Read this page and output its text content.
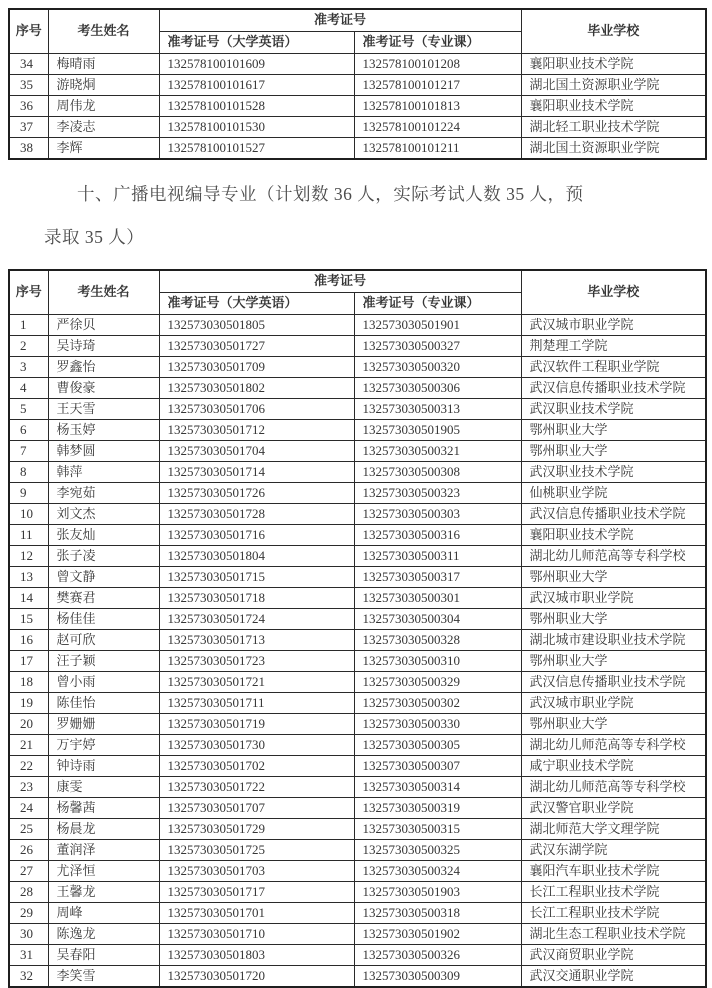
序号	考生姓名	准考证号		毕业学校
		准考证号（大学英语）	准考证号（专业课）	
34	梅晴雨	132578100101609	132578100101208	襄阳职业技术学院
35	游晓烔	132578100101617	132578100101217	湖北国土资源职业学院
36	周伟龙	132578100101528	132578100101813	襄阳职业技术学院
37	李凌志	132578100101530	132578100101224	湖北轻工职业技术学院
38	李辉	132578100101527	132578100101211	湖北国土资源职业学院
十、广播电视编导专业（计划数 36 人，实际考试人数 35 人，预
录取 35 人）
序号	考生姓名	准考证号		毕业学校
		准考证号（大学英语）	准考证号（专业课）	
1	严徐贝	132573030501805	132573030501901	武汉城市职业学院
2	吴诗琦	132573030501727	132573030500327	荆楚理工学院
3	罗鑫怡	132573030501709	132573030500320	武汉软件工程职业学院
4	曹俊豪	132573030501802	132573030500306	武汉信息传播职业技术学院
5	王天雪	132573030501706	132573030500313	武汉职业技术学院
6	杨玉婷	132573030501712	132573030501905	鄂州职业大学
7	韩梦圆	132573030501704	132573030500321	鄂州职业大学
8	韩萍	132573030501714	132573030500308	武汉职业技术学院
9	李宛茹	132573030501726	132573030500323	仙桃职业学院
10	刘文杰	132573030501728	132573030500303	武汉信息传播职业技术学院
11	张友灿	132573030501716	132573030500316	襄阳职业技术学院
12	张子凌	132573030501804	132573030500311	湖北幼儿师范高等专科学校
13	曾文静	132573030501715	132573030500317	鄂州职业大学
14	樊赛君	132573030501718	132573030500301	武汉城市职业学院
15	杨佳佳	132573030501724	132573030500304	鄂州职业大学
16	赵可欣	132573030501713	132573030500328	湖北城市建设职业技术学院
17	汪子颖	132573030501723	132573030500310	鄂州职业大学
18	曾小雨	132573030501721	132573030500329	武汉信息传播职业技术学院
19	陈佳怡	132573030501711	132573030500302	武汉城市职业学院
20	罗姗姗	132573030501719	132573030500330	鄂州职业大学
21	万宇婷	132573030501730	132573030500305	湖北幼儿师范高等专科学校
22	钟诗雨	132573030501702	132573030500307	咸宁职业技术学院
23	康雯	132573030501722	132573030500314	湖北幼儿师范高等专科学校
24	杨馨茜	132573030501707	132573030500319	武汉警官职业学院
25	杨晨龙	132573030501729	132573030500315	湖北师范大学文理学院
26	董润泽	132573030501725	132573030500325	武汉东湖学院
27	尤泽恒	132573030501703	132573030500324	襄阳汽车职业技术学院
28	王馨龙	132573030501717	132573030501903	长江工程职业技术学院
29	周峰	132573030501701	132573030500318	长江工程职业技术学院
30	陈逸龙	132573030501710	132573030501902	湖北生态工程职业技术学院
31	吴春阳	132573030501803	132573030500326	武汉商贸职业学院
32	李笑雪	132573030501720	132573030500309	武汉交通职业学院
